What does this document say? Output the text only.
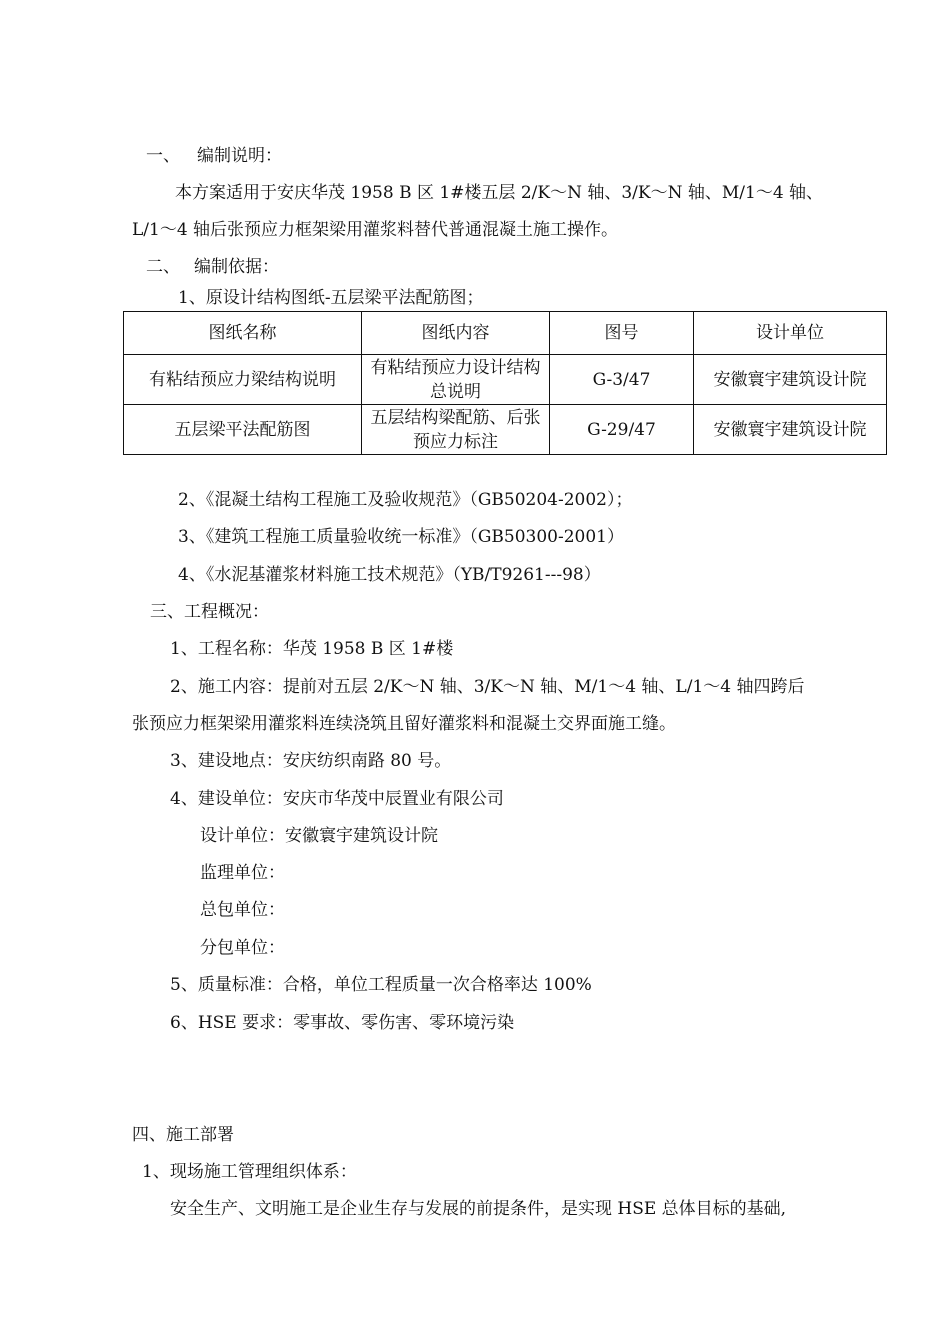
一、 编制说明：
本方案适用于安庆华茂 1958 B 区 1#楼五层 2/K～N 轴、3/K～N 轴、M/1～4 轴、
L/1～4 轴后张预应力框架梁用灌浆料替代普通混凝土施工操作。
二、 编制依据：
1、原设计结构图纸-五层梁平法配筋图；
图纸名称	图纸内容	图号	设计单位
有粘结预应力梁结构说明	有粘结预应力设计结构总说明	G-3/47	安徽寰宇建筑设计院
五层梁平法配筋图	五层结构梁配筋、后张预应力标注	G-29/47	安徽寰宇建筑设计院
2、《混凝土结构工程施工及验收规范》（GB50204-2002）；
3、《建筑工程施工质量验收统一标准》（GB50300-2001）
4、《水泥基灌浆材料施工技术规范》（YB/T9261---98）
三、工程概况：
1、工程名称：华茂 1958 B 区 1#楼
2、施工内容：提前对五层 2/K～N 轴、3/K～N 轴、M/1～4 轴、L/1～4 轴四跨后
张预应力框架梁用灌浆料连续浇筑且留好灌浆料和混凝土交界面施工缝。
3、建设地点：安庆纺织南路 80 号。
4、建设单位：安庆市华茂中辰置业有限公司
设计单位：安徽寰宇建筑设计院
监理单位：
总包单位：
分包单位：
5、质量标准：合格，单位工程质量一次合格率达 100%
6、HSE 要求：零事故、零伤害、零环境污染
四、施工部署
1、现场施工管理组织体系：
安全生产、文明施工是企业生存与发展的前提条件，是实现 HSE 总体目标的基础,
